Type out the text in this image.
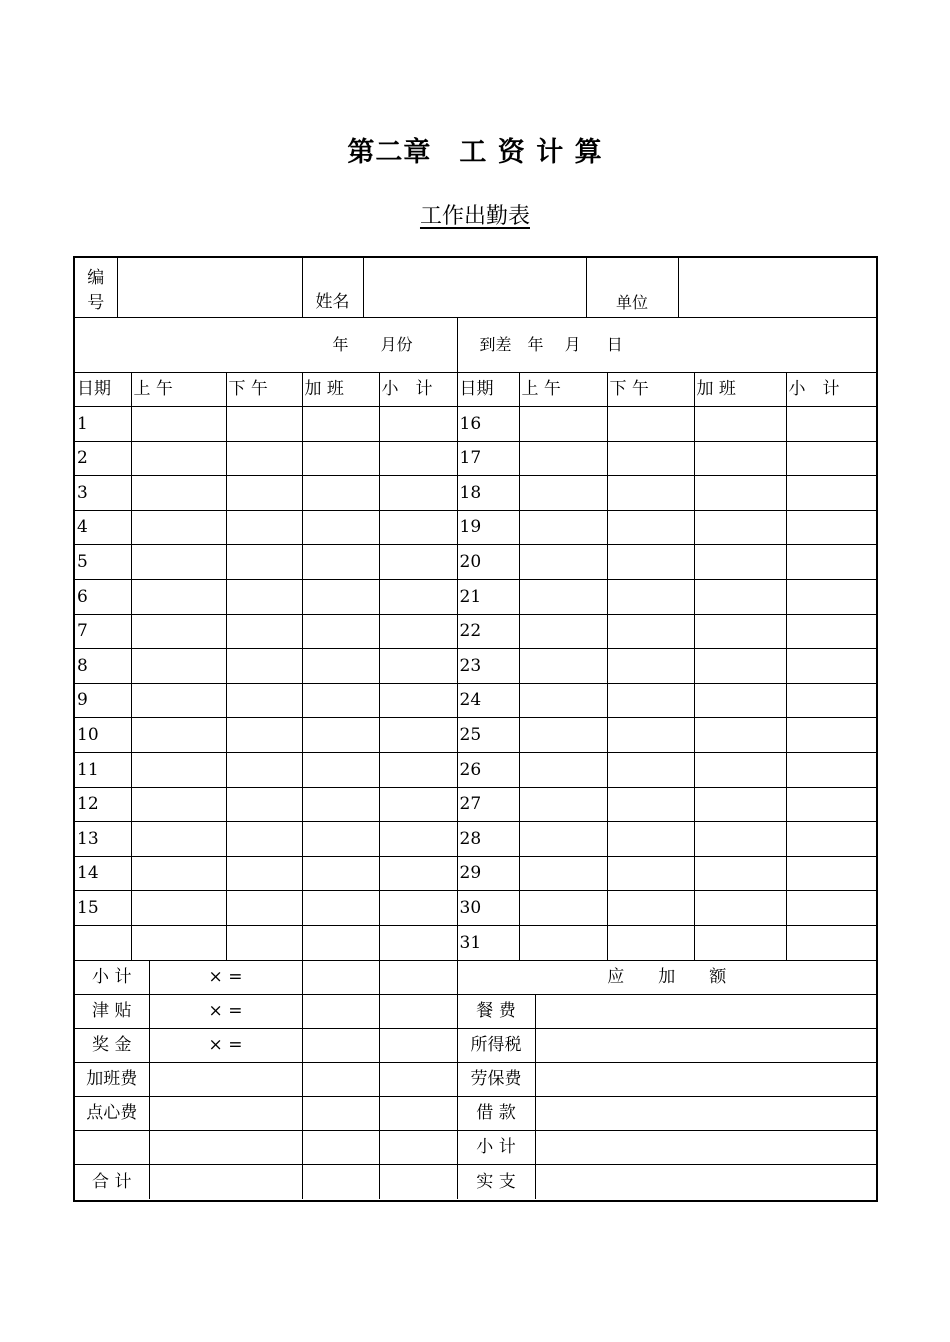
第二章　工 资 计 算
工作出勤表
编 号		姓名		单位	
年　　月份					到差　年　 月 　 日				
日期	上 午	下 午	加 班	小　计	日期	上 午	下 午	加 班	小　计
1					16				
2					17				
3					18				
4					19				
5					20				
6					21				
7					22				
8					23				
9					24				
10					25				
11					26				
12					27				
13					28				
14					29				
15					30				
					31				
小 计	× =			应　　加　　额	
津 贴	× =			餐 费	
奖 金	× =			所得税	
加班费				劳保费	
点心费				借 款	
				小 计	
合 计				实 支	
